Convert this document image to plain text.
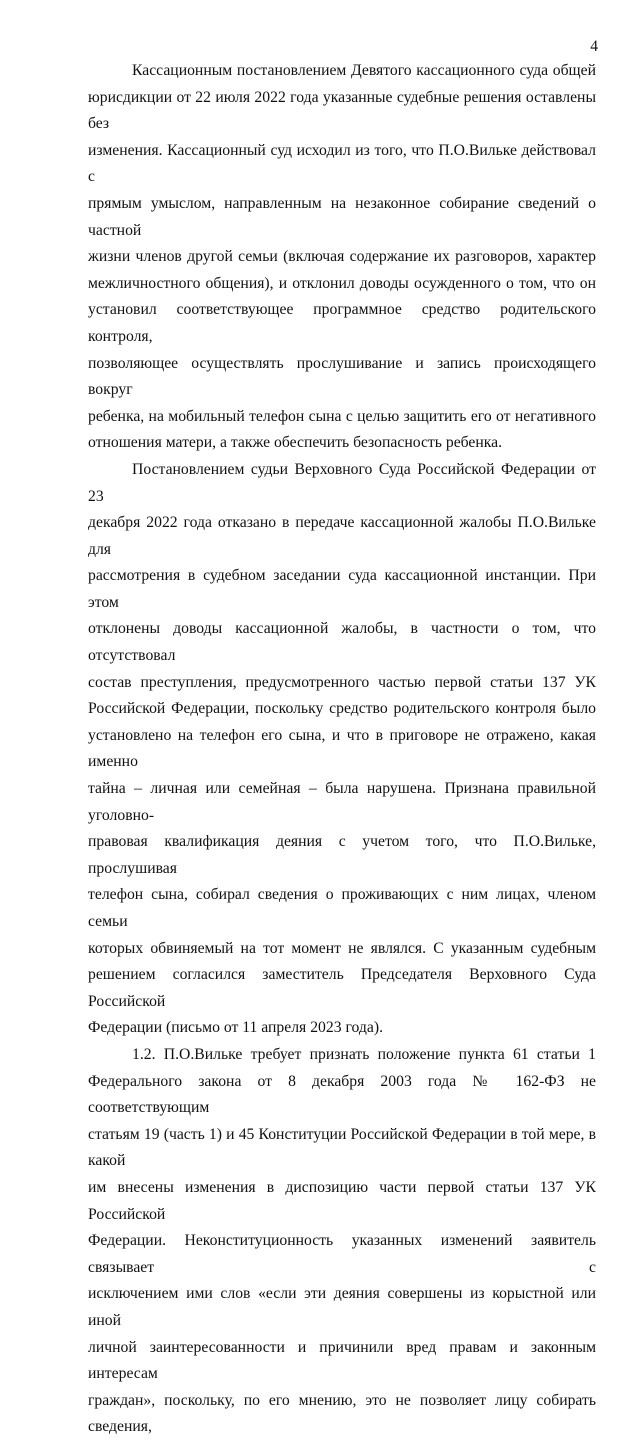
4

Кассационным постановлением Девятого кассационного суда общей
юрисдикции от 22 июля 2022 года указанные судебные решения оставлены без
изменения. Кассационный суд исходил из того, что П.О.Вильке действовал с
прямым умыслом, направленным на незаконное собирание сведений о частной
жизни членов другой семьи (включая содержание их разговоров, характер
межличностного общения), и отклонил доводы осужденного о том, что он
установил соответствующее программное средство родительского контроля,
позволяющее осуществлять прослушивание и запись происходящего вокруг
ребенка, на мобильный телефон сына с целью защитить его от негативного
отношения матери, а также обеспечить безопасность ребенка.

Постановлением судьи Верховного Суда Российской Федерации от 23
декабря 2022 года отказано в передаче кассационной жалобы П.О.Вильке для
рассмотрения в судебном заседании суда кассационной инстанции. При этом
отклонены доводы кассационной жалобы, в частности о том, что отсутствовал
состав преступления, предусмотренного частью первой статьи 137 УК
Российской Федерации, поскольку средство родительского контроля было
установлено на телефон его сына, и что в приговоре не отражено, какая именно
тайна – личная или семейная – была нарушена. Признана правильной уголовно-
правовая квалификация деяния с учетом того, что П.О.Вильке, прослушивая
телефон сына, собирал сведения о проживающих с ним лицах, членом семьи
которых обвиняемый на тот момент не являлся. С указанным судебным
решением согласился заместитель Председателя Верховного Суда Российской
Федерации (письмо от 11 апреля 2023 года).

1.2. П.О.Вильке требует признать положение пункта 61 статьи 1
Федерального закона от 8 декабря 2003 года № 162-ФЗ не соответствующим
статьям 19 (часть 1) и 45 Конституции Российской Федерации в той мере, в какой
им внесены изменения в диспозицию части первой статьи 137 УК Российской
Федерации. Неконституционность указанных изменений заявитель связывает с
исключением ими слов «если эти деяния совершены из корыстной или иной
личной заинтересованности и причинили вред правам и законным интересам
граждан», поскольку, по его мнению, это не позволяет лицу собирать сведения,
